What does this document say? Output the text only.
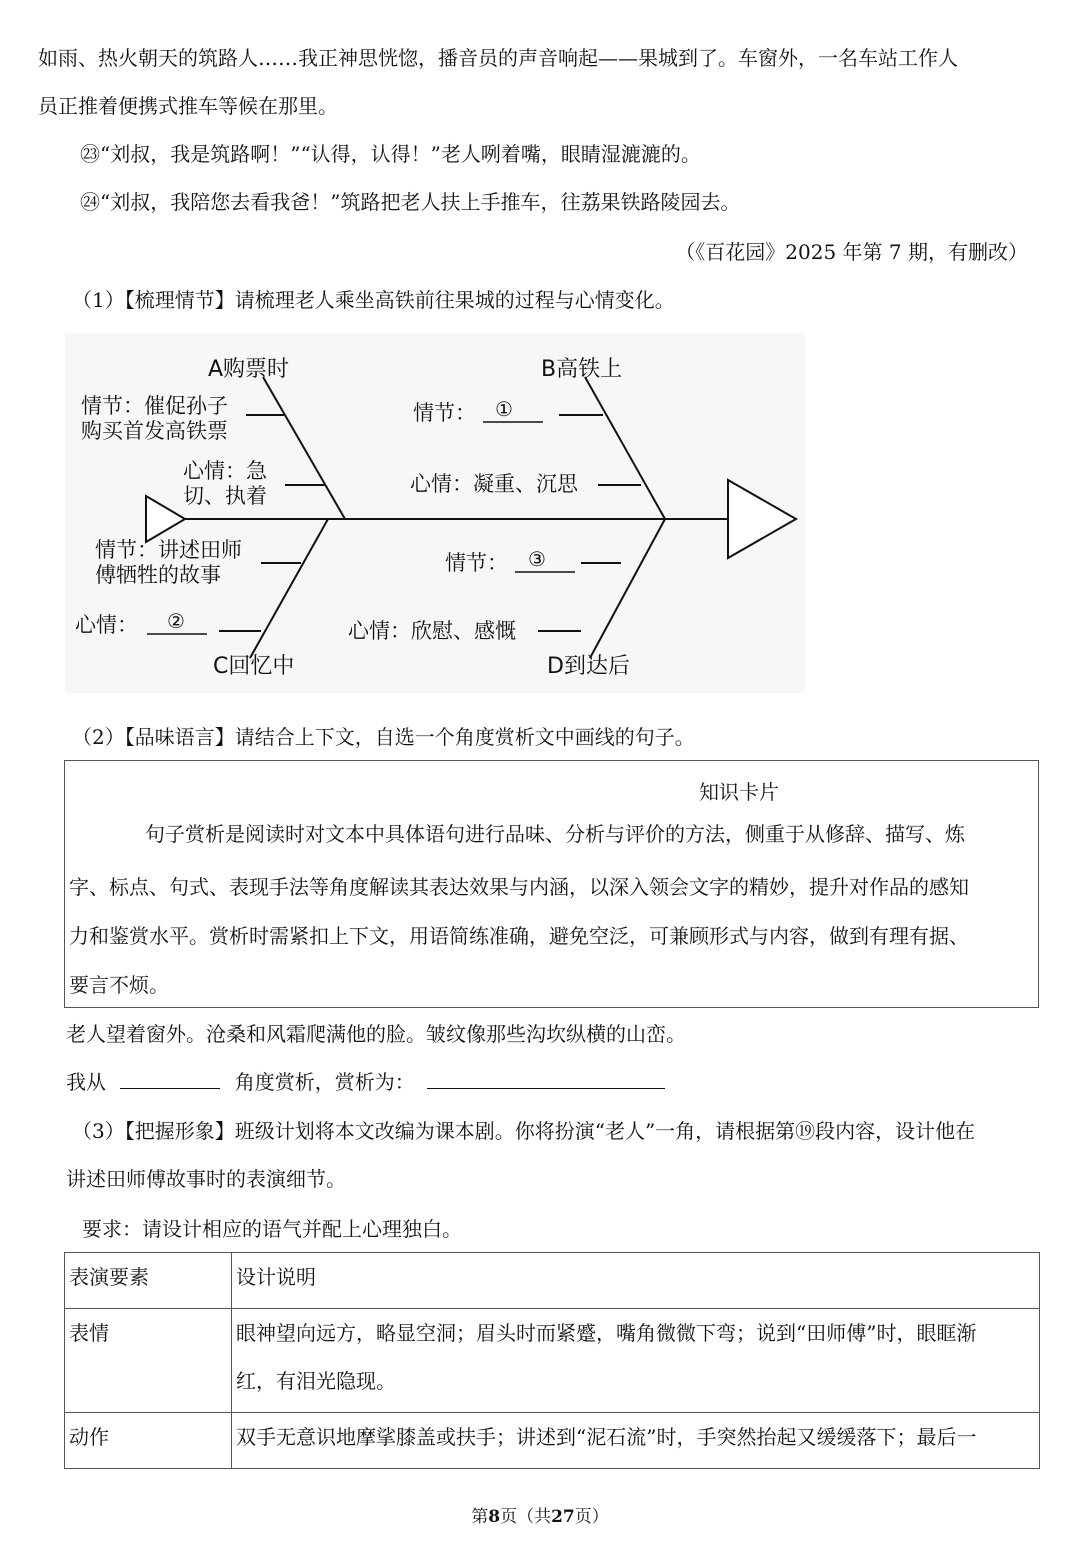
如雨、热火朝天的筑路人……我正神思恍惚，播音员的声音响起——果城到了。车窗外，一名车站工作人
员正推着便携式推车等候在那里。
㉓“刘叔，我是筑路啊！”“认得，认得！”老人咧着嘴，眼睛湿漉漉的。
㉔“刘叔，我陪您去看我爸！”筑路把老人扶上手推车，往荔果铁路陵园去。
（《百花园》2025 年第 7 期，有删改）
（1）【梳理情节】请梳理老人乘坐高铁前往果城的过程与心情变化。
A购票时
情节：催促孙子
购买首发高铁票
心情：急
切、执着
B高铁上
情节： ①
心情：凝重、沉思
情节：讲述田师
傅牺牲的故事
心情： ②
C回忆中
情节： ③
心情：欣慰、感慨
D到达后
（2）【品味语言】请结合上下文，自选一个角度赏析文中画线的句子。
知识卡片
句子赏析是阅读时对文本中具体语句进行品味、分析与评价的方法，侧重于从修辞、描写、炼
字、标点、句式、表现手法等角度解读其表达效果与内涵，以深入领会文字的精妙，提升对作品的感知
力和鉴赏水平。赏析时需紧扣上下文，用语简练准确，避免空泛，可兼顾形式与内容，做到有理有据、
要言不烦。
老人望着窗外。沧桑和风霜爬满他的脸。皱纹像那些沟坎纵横的山峦。
我从	角度赏析，赏析为：
（3）【把握形象】班级计划将本文改编为课本剧。你将扮演“老人”一角，请根据第⑲段内容，设计他在
讲述田师傅故事时的表演细节。
要求：请设计相应的语气并配上心理独白。
表演要素	设计说明

表情	眼神望向远方，略显空洞；眉头时而紧蹙，嘴角微微下弯；说到“田师傅”时，眼眶渐
红，有泪光隐现。

动作	双手无意识地摩挲膝盖或扶手；讲述到“泥石流”时，手突然抬起又缓缓落下；最后一
第8页（共27页）
